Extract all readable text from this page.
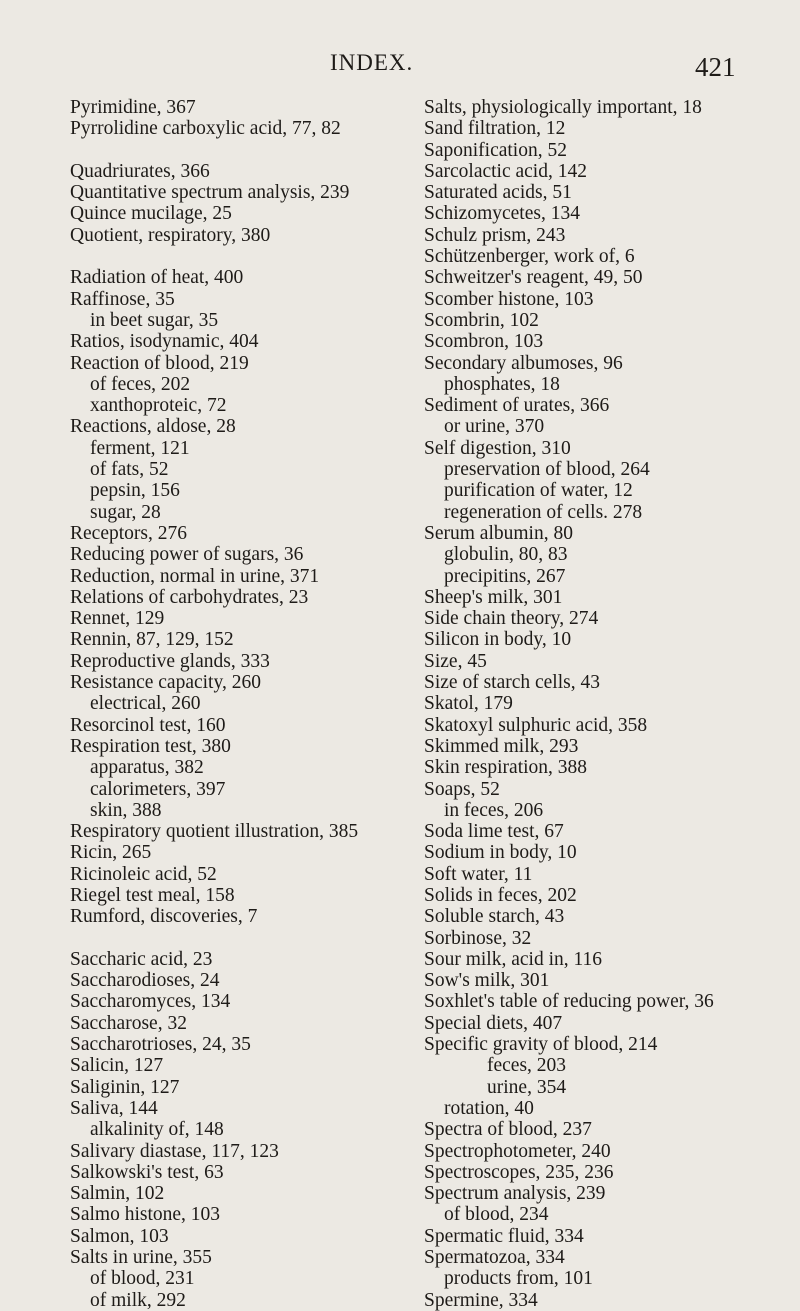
INDEX.	421
Pyrimidine, 367
Pyrrolidine carboxylic acid, 77, 82
Quadriurates, 366
Quantitative spectrum analysis, 239
Quince mucilage, 25
Quotient, respiratory, 380
Radiation of heat, 400
Raffinose, 35
in beet sugar, 35
Ratios, isodynamic, 404
Reaction of blood, 219
of feces, 202
xanthoproteic, 72
Reactions, aldose, 28
ferment, 121
of fats, 52
pepsin, 156
sugar, 28
Receptors, 276
Reducing power of sugars, 36
Reduction, normal in urine, 371
Relations of carbohydrates, 23
Rennet, 129
Rennin, 87, 129, 152
Reproductive glands, 333
Resistance capacity, 260
electrical, 260
Resorcinol test, 160
Respiration test, 380
apparatus, 382
calorimeters, 397
skin, 388
Respiratory quotient illustration, 385
Ricin, 265
Ricinoleic acid, 52
Riegel test meal, 158
Rumford, discoveries, 7
Saccharic acid, 23
Saccharodioses, 24
Saccharomyces, 134
Saccharose, 32
Saccharotrioses, 24, 35
Salicin, 127
Saliginin, 127
Saliva, 144
alkalinity of, 148
Salivary diastase, 117, 123
Salkowski's test, 63
Salmin, 102
Salmo histone, 103
Salmon, 103
Salts in urine, 355
of blood, 231
of milk, 292
Salts, physiologically important, 18
Sand filtration, 12
Saponification, 52
Sarcolactic acid, 142
Saturated acids, 51
Schizomycetes, 134
Schulz prism, 243
Schützenberger, work of, 6
Schweitzer's reagent, 49, 50
Scomber histone, 103
Scombrin, 102
Scombron, 103
Secondary albumoses, 96
phosphates, 18
Sediment of urates, 366
or urine, 370
Self digestion, 310
preservation of blood, 264
purification of water, 12
regeneration of cells. 278
Serum albumin, 80
globulin, 80, 83
precipitins, 267
Sheep's milk, 301
Side chain theory, 274
Silicon in body, 10
Size, 45
Size of starch cells, 43
Skatol, 179
Skatoxyl sulphuric acid, 358
Skimmed milk, 293
Skin respiration, 388
Soaps, 52
in feces, 206
Soda lime test, 67
Sodium in body, 10
Soft water, 11
Solids in feces, 202
Soluble starch, 43
Sorbinose, 32
Sour milk, acid in, 116
Sow's milk, 301
Soxhlet's table of reducing power, 36
Special diets, 407
Specific gravity of blood, 214
feces, 203
urine, 354
rotation, 40
Spectra of blood, 237
Spectrophotometer, 240
Spectroscopes, 235, 236
Spectrum analysis, 239
of blood, 234
Spermatic fluid, 334
Spermatozoa, 334
products from, 101
Spermine, 334
